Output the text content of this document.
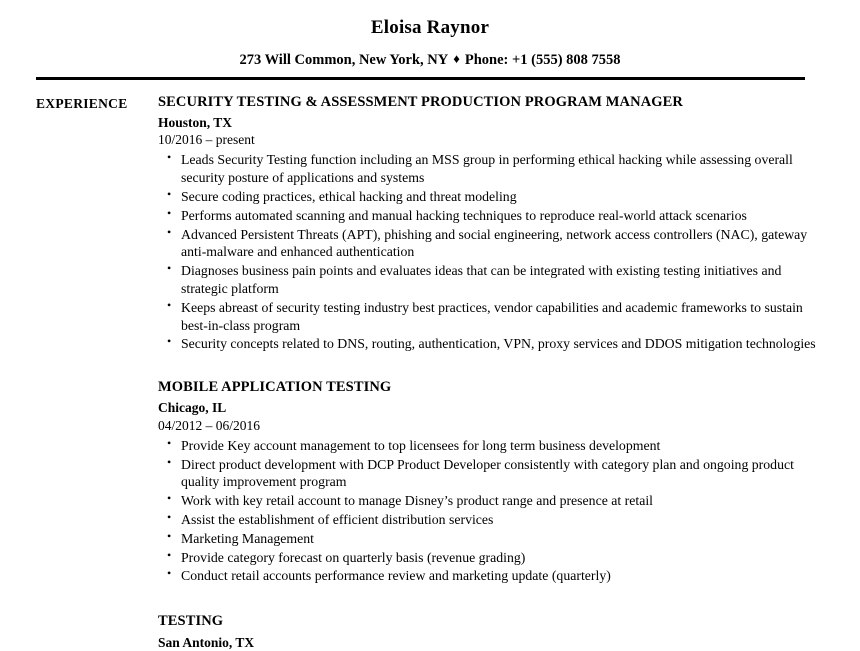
Eloisa Raynor
273 Will Common, New York, NY ♦ Phone: +1 (555) 808 7558
EXPERIENCE	SECURITY TESTING & ASSESSMENT PRODUCTION PROGRAM MANAGER
Houston, TX
10/2016 – present
• Leads Security Testing function including an MSS group in performing ethical hacking while assessing overall security posture of applications and systems
• Secure coding practices, ethical hacking and threat modeling
• Performs automated scanning and manual hacking techniques to reproduce real-world attack scenarios
• Advanced Persistent Threats (APT), phishing and social engineering, network access controllers (NAC), gateway anti-malware and enhanced authentication
• Diagnoses business pain points and evaluates ideas that can be integrated with existing testing initiatives and strategic platform
• Keeps abreast of security testing industry best practices, vendor capabilities and academic frameworks to sustain best-in-class program
• Security concepts related to DNS, routing, authentication, VPN, proxy services and DDOS mitigation technologies
MOBILE APPLICATION TESTING
Chicago, IL
04/2012 – 06/2016
• Provide Key account management to top licensees for long term business development
• Direct product development with DCP Product Developer consistently with category plan and ongoing product quality improvement program
• Work with key retail account to manage Disney’s product range and presence at retail
• Assist the establishment of efficient distribution services
• Marketing Management
• Provide category forecast on quarterly basis (revenue grading)
• Conduct retail accounts performance review and marketing update (quarterly)
TESTING
San Antonio, TX
